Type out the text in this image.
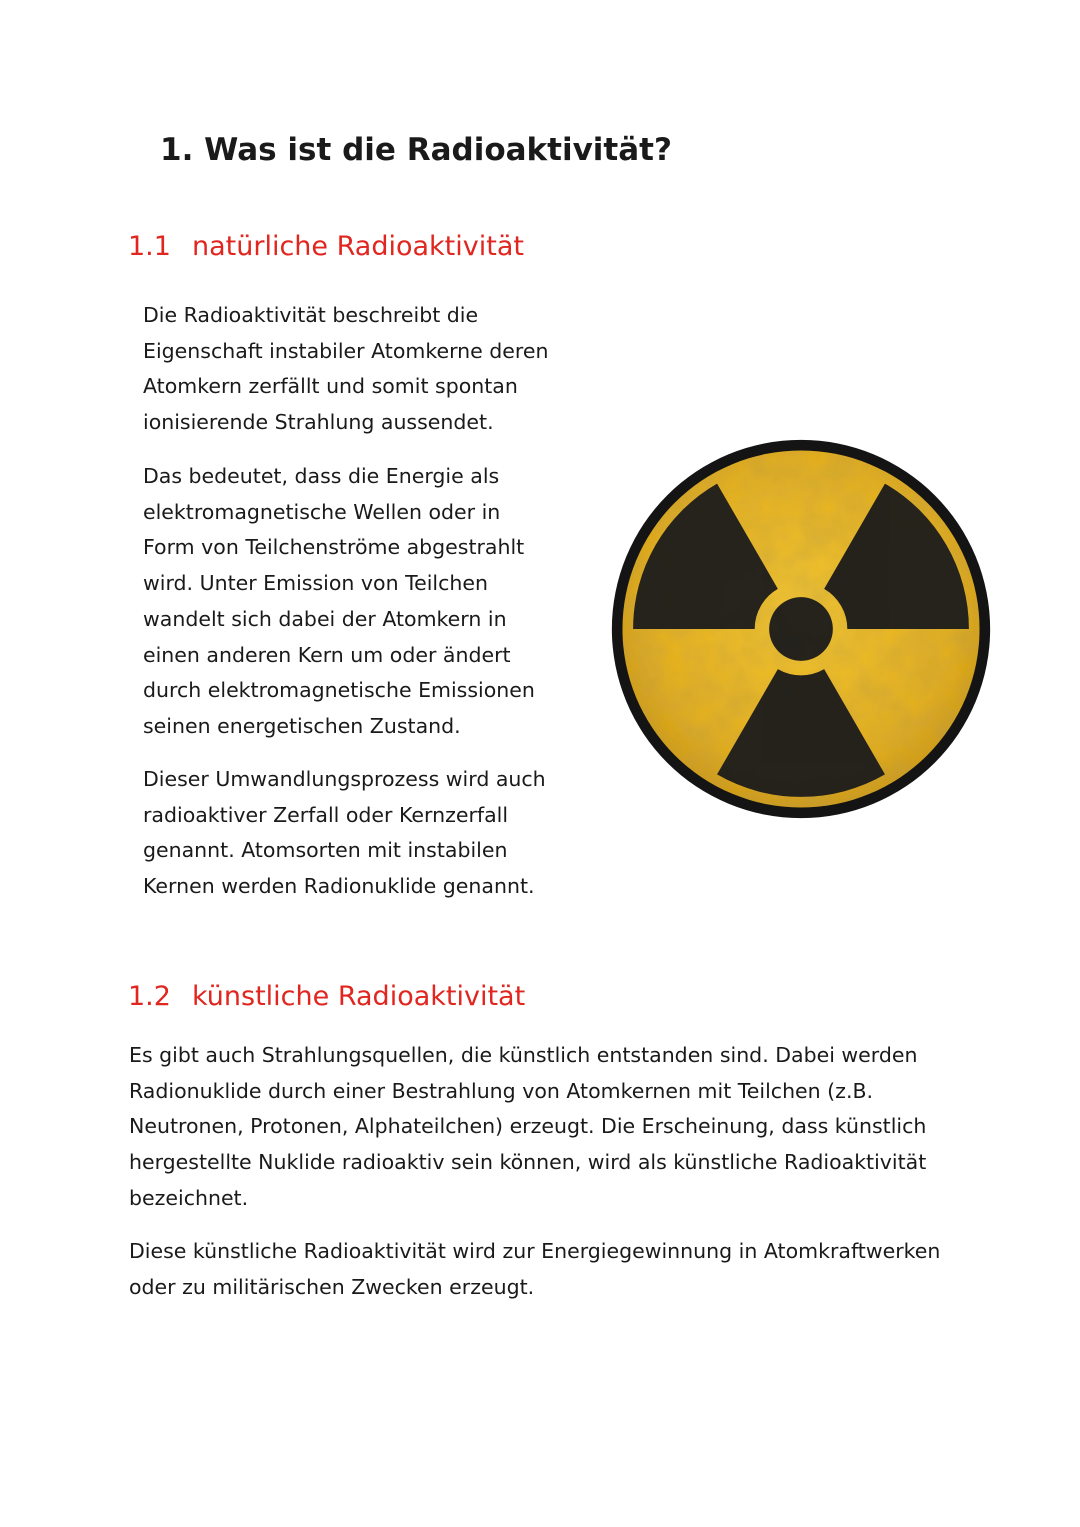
1. Was ist die Radioaktivität?
1.1 natürliche Radioaktivität

Die Radioaktivität beschreibt die
Eigenschaft instabiler Atomkerne deren
Atomkern zerfällt und somit spontan
ionisierende Strahlung aussendet.

Das bedeutet, dass die Energie als
elektromagnetische Wellen oder in
Form von Teilchenströme abgestrahlt
wird. Unter Emission von Teilchen
wandelt sich dabei der Atomkern in
einen anderen Kern um oder ändert
durch elektromagnetische Emissionen
seinen energetischen Zustand.

Dieser Umwandlungsprozess wird auch
radioaktiver Zerfall oder Kernzerfall
genannt. Atomsorten mit instabilen
Kernen werden Radionuklide genannt.

1.2 künstliche Radioaktivität

Es gibt auch Strahlungsquellen, die künstlich entstanden sind. Dabei werden
Radionuklide durch einer Bestrahlung von Atomkernen mit Teilchen (z.B.
Neutronen, Protonen, Alphateilchen) erzeugt. Die Erscheinung, dass künstlich
hergestellte Nuklide radioaktiv sein können, wird als künstliche Radioaktivität
bezeichnet.

Diese künstliche Radioaktivität wird zur Energiegewinnung in Atomkraftwerken
oder zu militärischen Zwecken erzeugt.
